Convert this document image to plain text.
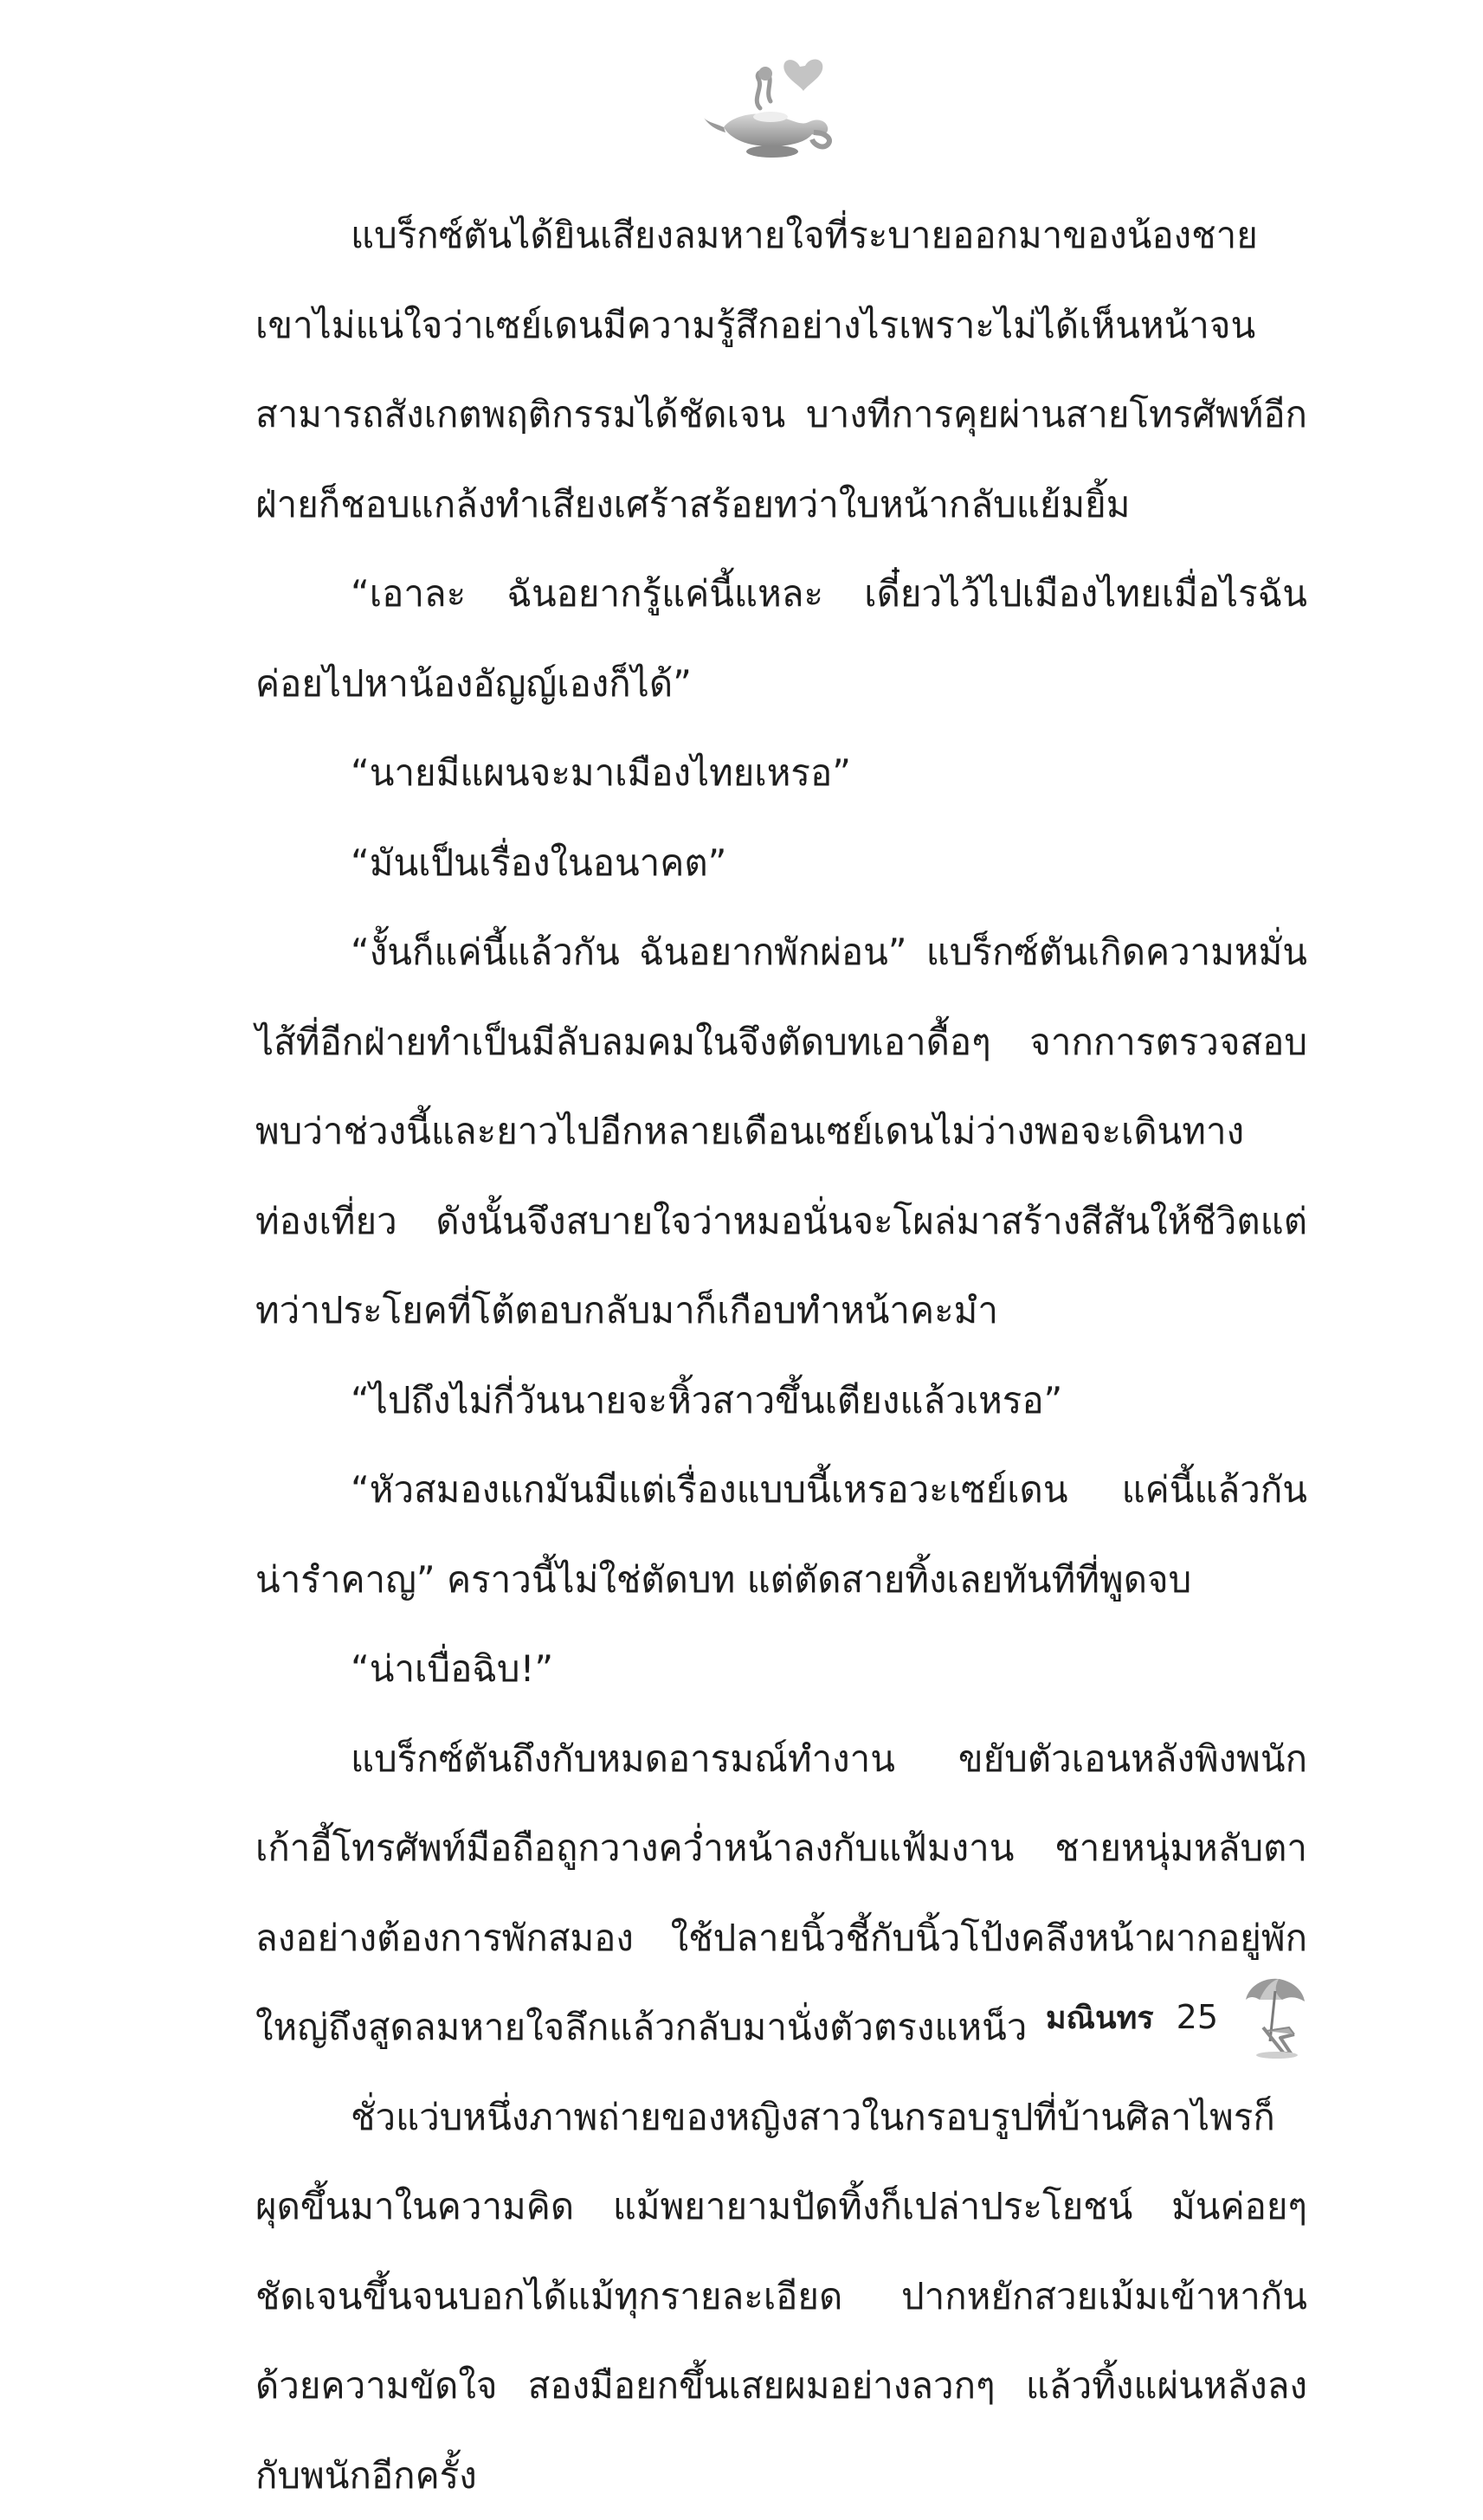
แบร็กซ์ตันได้ยินเสียงลมหายใจที่ระบายออกมาของน้องชาย เขาไม่แน่ใจว่าเซย์เดนมีความรู้สึกอย่างไรเพราะไม่ได้เห็นหน้าจนสามารถสังเกตพฤติกรรมได้ชัดเจน บางทีการคุยผ่านสายโทรศัพท์อีกฝ่ายก็ชอบแกล้งทำเสียงเศร้าสร้อยทว่าใบหน้ากลับแย้มยิ้ม

“เอาละ ฉันอยากรู้แค่นี้แหละ เดี๋ยวไว้ไปเมืองไทยเมื่อไรฉันค่อยไปหาน้องอัญญ์เองก็ได้”

“นายมีแผนจะมาเมืองไทยเหรอ”

“มันเป็นเรื่องในอนาคต”

“งั้นก็แค่นี้แล้วกัน ฉันอยากพักผ่อน” แบร็กซ์ตันเกิดความหมั่นไส้ที่อีกฝ่ายทำเป็นมีลับลมคมในจึงตัดบทเอาดื้อๆ จากการตรวจสอบพบว่าช่วงนี้และยาวไปอีกหลายเดือนเซย์เดนไม่ว่างพอจะเดินทางท่องเที่ยว ดังนั้นจึงสบายใจว่าหมอนั่นจะโผล่มาสร้างสีสันให้ชีวิตแต่ทว่าประโยคที่โต้ตอบกลับมาก็เกือบทำหน้าคะมำ

“ไปถึงไม่กี่วันนายจะหิ้วสาวขึ้นเตียงแล้วเหรอ”

“หัวสมองแกมันมีแต่เรื่องแบบนี้เหรอวะเซย์เดน แค่นี้แล้วกันน่ารำคาญ” คราวนี้ไม่ใช่ตัดบท แต่ตัดสายทิ้งเลยทันทีที่พูดจบ

“น่าเบื่อฉิบ!”

แบร็กซ์ตันถึงกับหมดอารมณ์ทำงาน ขยับตัวเอนหลังพิงพนักเก้าอี้โทรศัพท์มือถือถูกวางคว่ำหน้าลงกับแฟ้มงาน ชายหนุ่มหลับตาลงอย่างต้องการพักสมอง ใช้ปลายนิ้วชี้กับนิ้วโป้งคลึงหน้าผากอยู่พักใหญ่ถึงสูดลมหายใจลึกแล้วกลับมานั่งตัวตรงแหน็ว

ชั่วแว่บหนึ่งภาพถ่ายของหญิงสาวในกรอบรูปที่บ้านศิลาไพรก็ผุดขึ้นมาในความคิด แม้พยายามปัดทิ้งก็เปล่าประโยชน์ มันค่อยๆ ชัดเจนขึ้นจนบอกได้แม้ทุกรายละเอียด ปากหยักสวยเม้มเข้าหากันด้วยความขัดใจ สองมือยกขึ้นเสยผมอย่างลวกๆ แล้วทิ้งแผ่นหลังลงกับพนักอีกครั้ง

มณินทร 25
